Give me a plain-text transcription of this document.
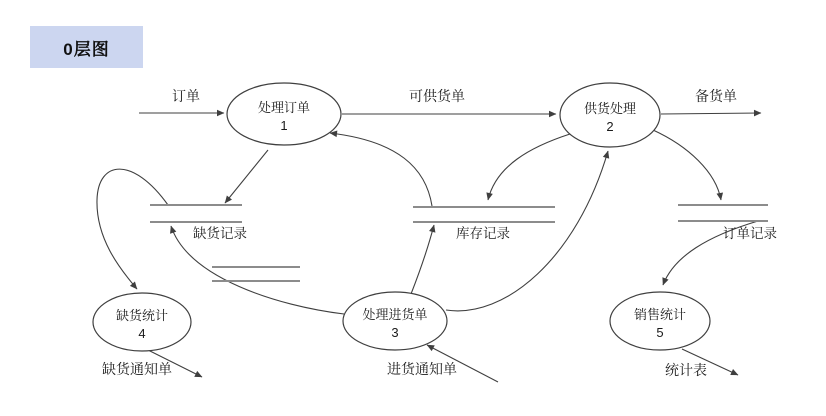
订单	可供货单	备货单
进货通知单
缺货通知单	统计表
缺货记录	库存记录	订单记录
处理订单
1
供货处理
2
处理进货单
3
缺货统计
4
销售统计
5
0层图
